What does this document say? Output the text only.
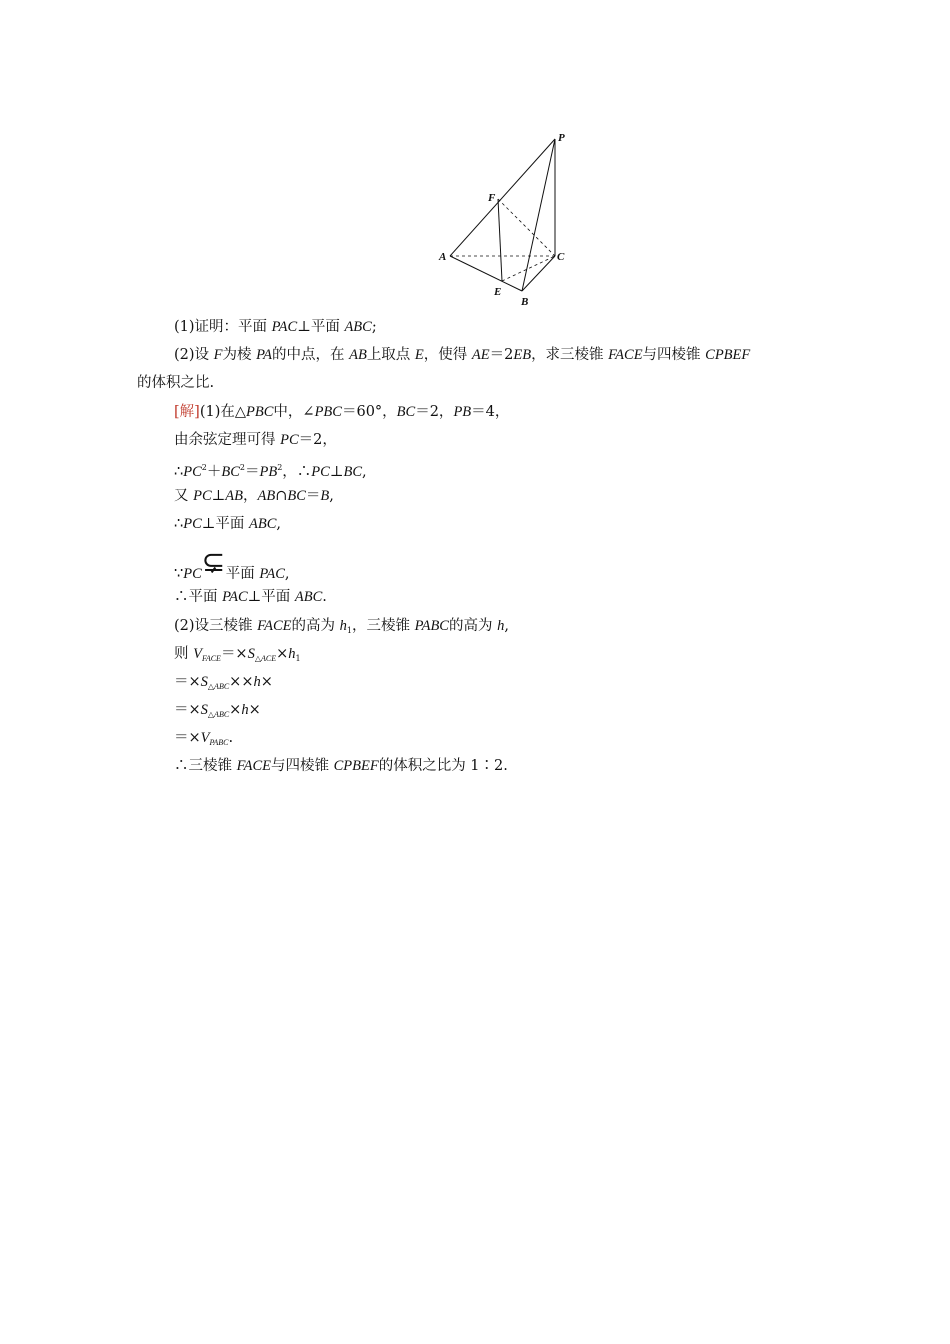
P
F
A	C
E
B
(1)证明：平面 PAC⊥平面 ABC;
(2)设 F为棱 PA的中点，在 AB上取点 E，使得 AE＝2EB，求三棱锥 FACE与四棱锥 CPBEF
的体积之比.
[解](1)在△PBC中，∠PBC＝60°，BC＝2，PB＝4，
由余弦定理可得 PC＝2，
$\therefore PC^2+BC^2=PB^2$，∴PC⊥BC,
又 PC⊥AB，AB∩BC＝B,
∴PC⊥平面 ABC,
∵PC ⊊ 平面 PAC,
∴平面 PAC⊥平面 ABC.
(2)设三棱锥 FACE的高为 $h_1$，三棱锥 PABC的高为 h,
则 $V_{FACE}=\times S_{\triangle ACE}\times h_1$
$=\times S_{\triangle ABC}\times\times h\times$
$=\times S_{\triangle ABC}\times h\times$
$=\times V_{PABC}$.
∴三棱锥 FACE与四棱锥 CPBEF的体积之比为 1∶2.
